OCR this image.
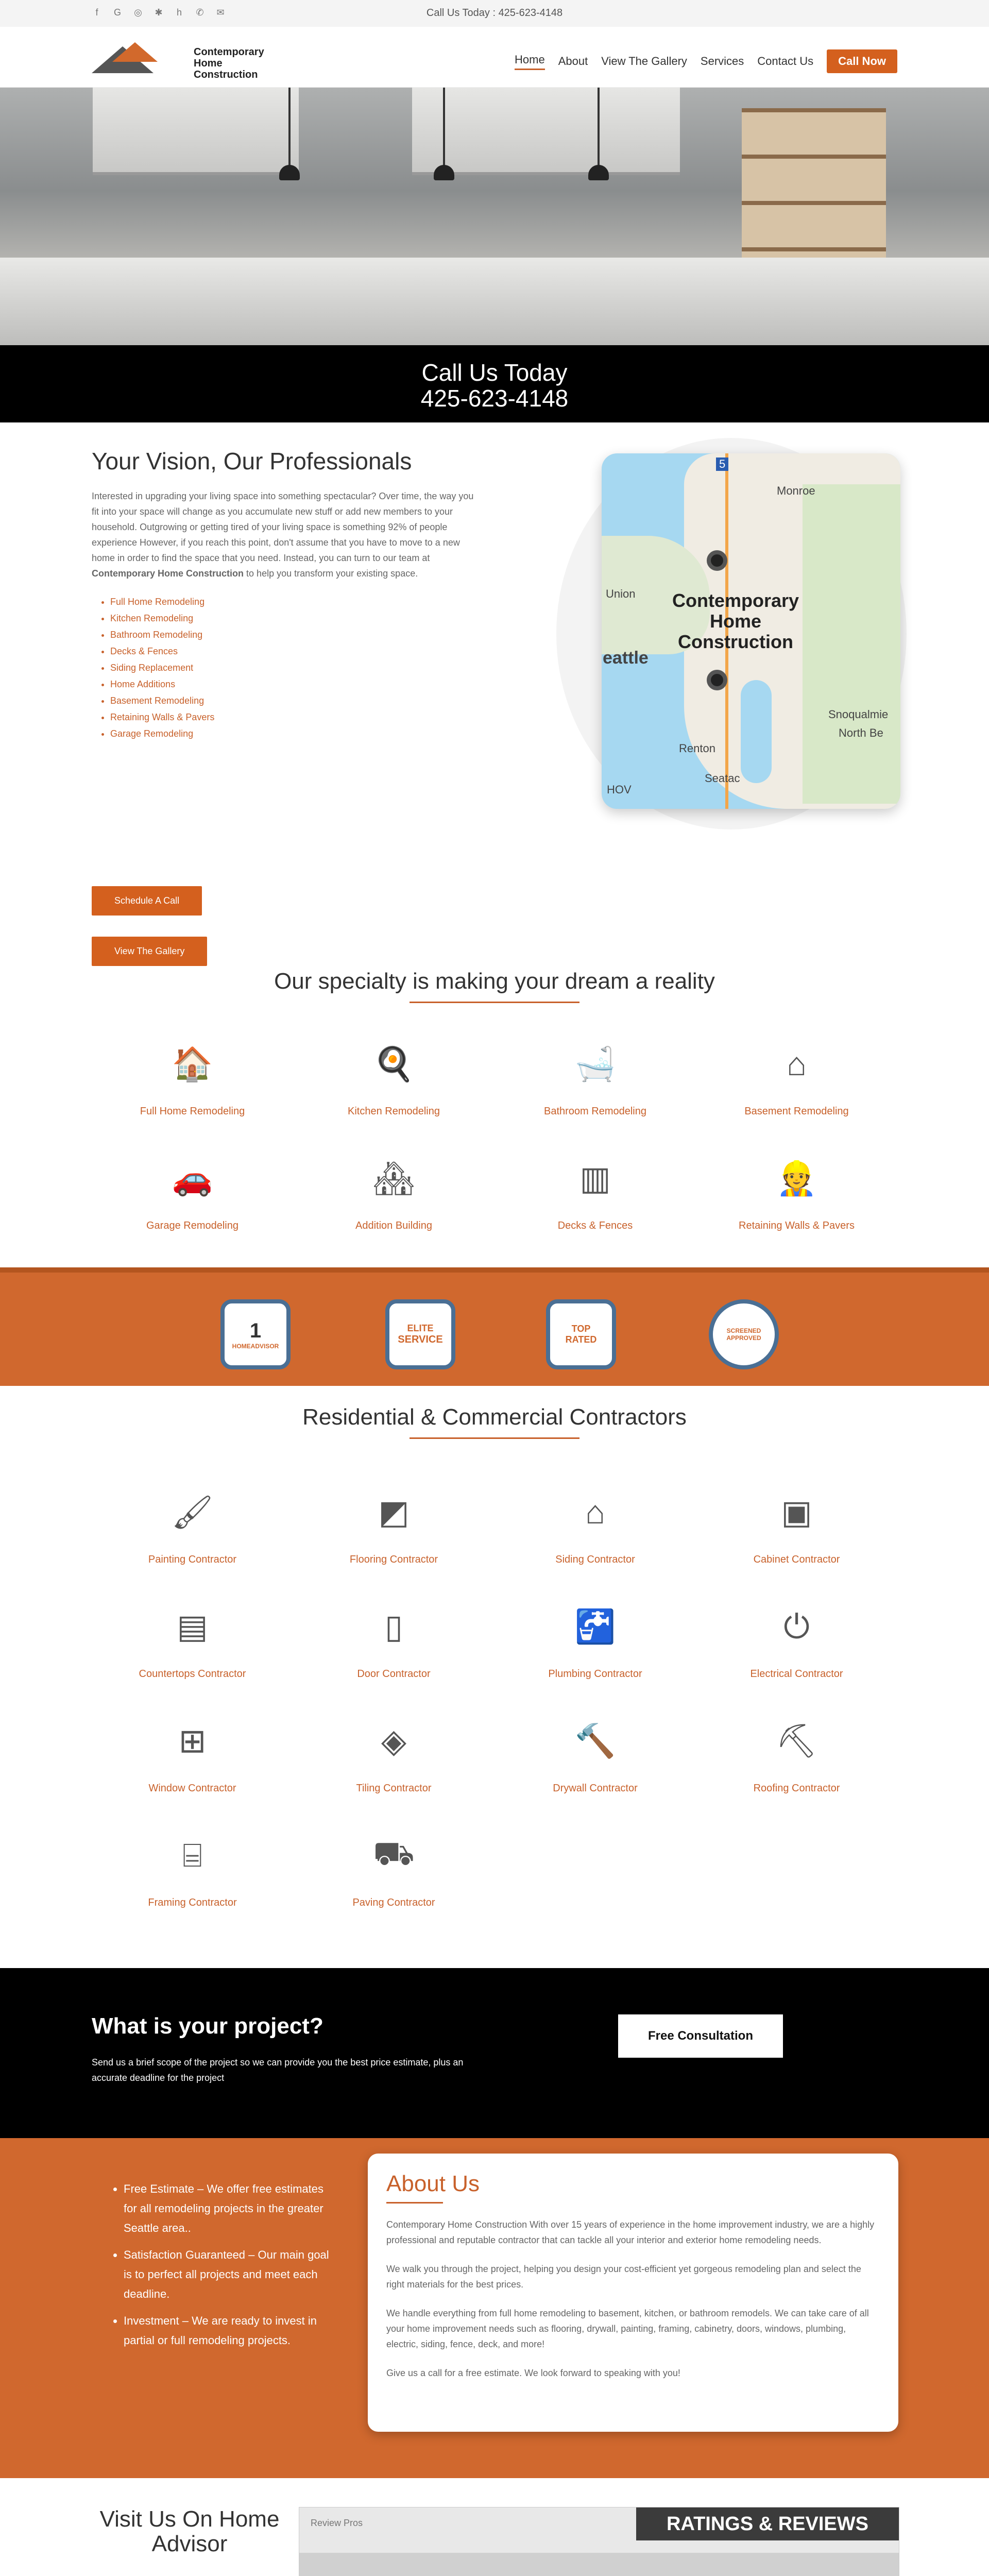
f	G ◎ ✱ h ✆ ✉	Call Us Today : 425-623-4148
Contemporary
Home
Construction
Home About View The Gallery Services Contact Us	Call Now
Call Us Today
425-623-4148
Your Vision, Our Professionals

Interested in upgrading your living space into something spectacular? Over time, the way you fit into your space will change as you accumulate new stuff or add new members to your household. Outgrowing or getting tired of your living space is something 92% of people experience However, if you reach this point, don't assume that you have to move to a new home in order to find the space that you need. Instead, you can turn to our team at Contemporary Home Construction to help you transform your existing space.

• Full Home Remodeling
• Kitchen Remodeling
• Bathroom Remodeling
• Decks & Fences
• Siding Replacement
• Home Additions
• Basement Remodeling
• Retaining Walls & Pavers
• Garage Remodeling
Schedule A Call
View The Gallery
5
Monroe
Union
eattle
Contemporary
Home
Construction
Snoqualmie
North Be
Renton
Seatac
HOV
Our specialty is making your dream a reality
🏠
Full Home Remodeling
🍳
Kitchen Remodeling
🛁
Bathroom Remodeling
⌂
Basement Remodeling
🚗
Garage Remodeling
🏘
Addition Building
▥
Decks & Fences
👷
Retaining Walls & Pavers
1
HOMEADVISOR
ELITE
SERVICE
TOP
RATED
SCREENED
APPROVED
Residential & Commercial Contractors
🖌
Painting Contractor
◩
Flooring Contractor
⌂
Siding Contractor
▣
Cabinet Contractor
▤
Countertops Contractor
▯
Door Contractor
🚰
Plumbing Contractor
⏻
Electrical Contractor
⊞
Window Contractor
◈
Tiling Contractor
🔨
Drywall Contractor
⛏
Roofing Contractor
⌸
Framing Contractor
⛟
Paving Contractor
What is your project?

Send us a brief scope of the project so we can provide you the best price estimate, plus an accurate deadline for the project

Free Consultation
• Free Estimate – We offer free estimates for all remodeling projects in the greater Seattle area..
• Satisfaction Guaranteed – Our main goal is to perfect all projects and meet each deadline.
• Investment – We are ready to invest in partial or full remodeling projects.
About Us

Contemporary Home Construction With over 15 years of experience in the home improvement industry, we are a highly professional and reputable contractor that can tackle all your interior and exterior home remodeling needs.

We walk you through the project, helping you design your cost-efficient yet gorgeous remodeling plan and select the right materials for the best prices.

We handle everything from full home remodeling to basement, kitchen, or bathroom remodels. We can take care of all your home improvement needs such as flooring, drywall, painting, framing, cabinetry, doors, windows, plumbing, electric, siding, fence, deck, and more!

Give us a call for a free estimate. We look forward to speaking with you!

Visit Us On Home Advisor
Review Pros	RATINGS & REVIEWS
